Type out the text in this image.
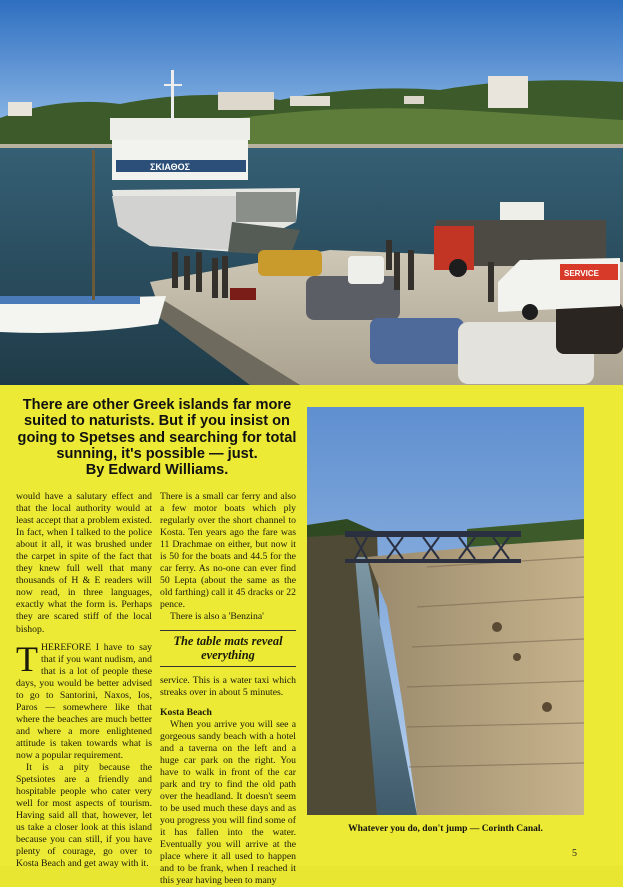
ΣΚΙΑΘΟΣ
SERVICE
There are other Greek islands far more suited to naturists. But if you insist on going to Spetses and searching for total sunning, it's possible — just.
By Edward Williams.

would have a salutary effect and that the local authority would at least accept that a problem existed. In fact, when I talked to the police about it all, it was brushed under the carpet in spite of the fact that they knew full well that many thousands of H & E readers will now read, in three languages, exactly what the form is. Perhaps they are scared stiff of the local bishop.

THEREFORE I have to say that if you want nudism, and that is a lot of people these days, you would be better advised to go to Santorini, Naxos, Ios, Paros — somewhere like that where the beaches are much better and where a more enlightened attitude is taken towards what is now a popular requirement.

It is a pity because the Spetsiotes are a friendly and hospitable people who cater very well for most aspects of tourism. Having said all that, however, let us take a closer look at this island because you can still, if you have plenty of courage, go over to Kosta Beach and get away with it.

There is a small car ferry and also a few motor boats which ply regularly over the short channel to Kosta. Ten years ago the fare was 11 Drachmae on either, but now it is 50 for the boats and 44.5 for the car ferry. As no-one can ever find 50 Lepta (about the same as the old farthing) call it 45 dracks or 22 pence.

There is also a 'Benzina'

The table mats reveal everything

service. This is a water taxi which streaks over in about 5 minutes.

Kosta Beach

When you arrive you will see a gorgeous sandy beach with a hotel and a taverna on the left and a huge car park on the right. You have to walk in front of the car park and try to find the old path over the headland. It doesn't seem to be used much these days and as you progress you will find some of it has fallen into the water. Eventually you will arrive at the place where it all used to happen and to be frank, when I reached it this year having been to many

Whatever you do, don't jump — Corinth Canal.
5
